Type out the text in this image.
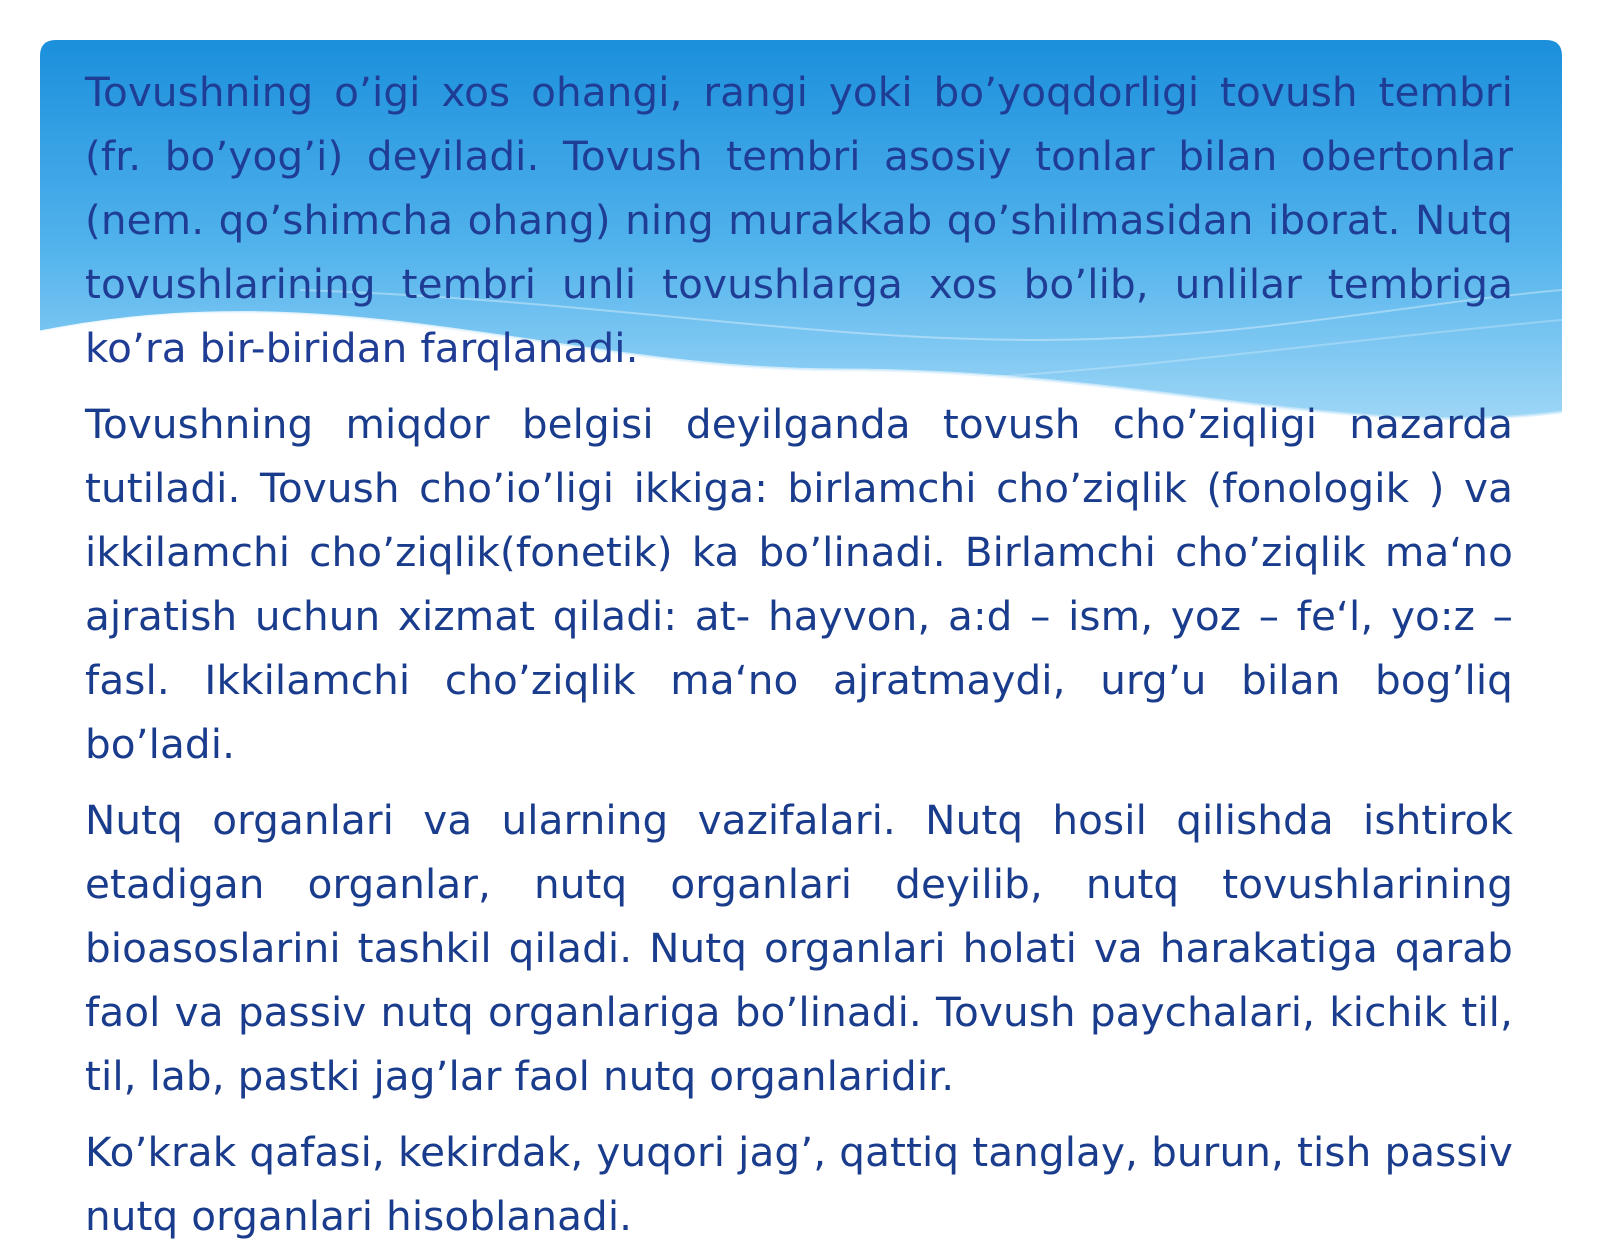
Tovushning o’igi xos ohangi, rangi yoki bo’yoqdorligi tovush tembri (fr. bo’yog’i) deyiladi. Tovush tembri asosiy tonlar bilan obertonlar (nem. qo’shimcha ohang) ning murakkab qo’shilmasidan iborat. Nutq tovushlarining tembri unli tovushlarga xos bo’lib, unlilar tembriga ko’ra bir-biridan farqlanadi.

Tovushning miqdor belgisi deyilganda tovush cho’ziqligi nazarda tutiladi. Tovush cho’io’ligi ikkiga: birlamchi cho’ziqlik (fonologik ) va ikkilamchi cho’ziqlik(fonetik) ka bo’linadi. Birlamchi cho’ziqlik ma‘no ajratish uchun xizmat qiladi: at- hayvon, a:d – ism, yoz – fe‘l, yo:z – fasl. Ikkilamchi cho’ziqlik ma‘no ajratmaydi, urg’u bilan bog’liq bo’ladi.

Nutq organlari va ularning vazifalari. Nutq hosil qilishda ishtirok etadigan organlar, nutq organlari deyilib, nutq tovushlarining bioasoslarini tashkil qiladi. Nutq organlari holati va harakatiga qarab faol va passiv nutq organlariga bo’linadi. Tovush paychalari, kichik til, til, lab, pastki jag’lar faol nutq organlaridir.

Ko’krak qafasi, kekirdak, yuqori jag’, qattiq tanglay, burun, tish passiv nutq organlari hisoblanadi.
